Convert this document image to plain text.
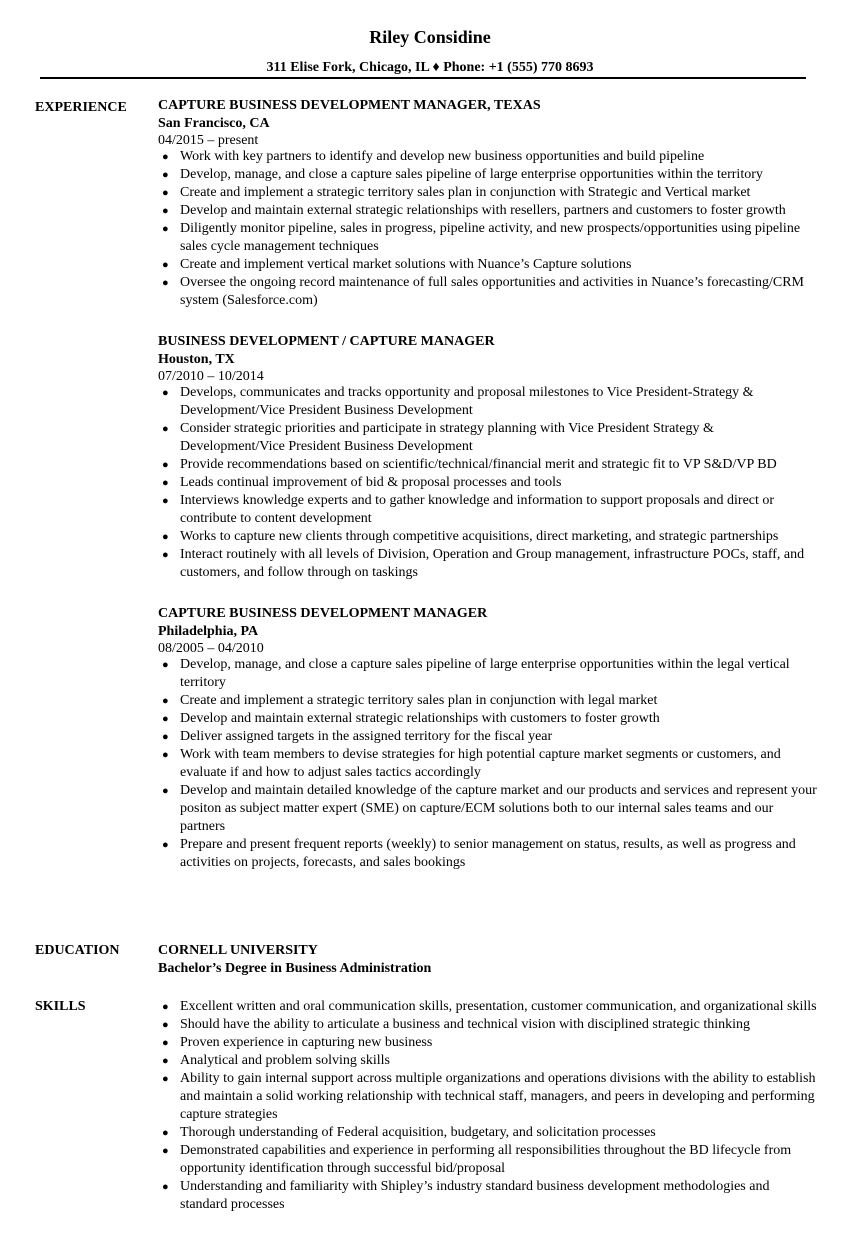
Riley Considine
311 Elise Fork, Chicago, IL ♦ Phone: +1 (555) 770 8693
EXPERIENCE CAPTURE BUSINESS DEVELOPMENT MANAGER, TEXAS
San Francisco, CA
04/2015 – present
● Work with key partners to identify and develop new business opportunities and build pipeline
● Develop, manage, and close a capture sales pipeline of large enterprise opportunities within the territory
● Create and implement a strategic territory sales plan in conjunction with Strategic and Vertical market
● Develop and maintain external strategic relationships with resellers, partners and customers to foster growth
● Diligently monitor pipeline, sales in progress, pipeline activity, and new prospects/opportunities using pipeline sales cycle management techniques
● Create and implement vertical market solutions with Nuance’s Capture solutions
● Oversee the ongoing record maintenance of full sales opportunities and activities in Nuance’s forecasting/CRM system (Salesforce.com)
BUSINESS DEVELOPMENT / CAPTURE MANAGER
Houston, TX
07/2010 – 10/2014
● Develops, communicates and tracks opportunity and proposal milestones to Vice President-Strategy & Development/Vice President Business Development
● Consider strategic priorities and participate in strategy planning with Vice President Strategy & Development/Vice President Business Development
● Provide recommendations based on scientific/technical/financial merit and strategic fit to VP S&D/VP BD
● Leads continual improvement of bid & proposal processes and tools
● Interviews knowledge experts and to gather knowledge and information to support proposals and direct or contribute to content development
● Works to capture new clients through competitive acquisitions, direct marketing, and strategic partnerships
● Interact routinely with all levels of Division, Operation and Group management, infrastructure POCs, staff, and customers, and follow through on taskings
CAPTURE BUSINESS DEVELOPMENT MANAGER
Philadelphia, PA
08/2005 – 04/2010
● Develop, manage, and close a capture sales pipeline of large enterprise opportunities within the legal vertical territory
● Create and implement a strategic territory sales plan in conjunction with legal market
● Develop and maintain external strategic relationships with customers to foster growth
● Deliver assigned targets in the assigned territory for the fiscal year
● Work with team members to devise strategies for high potential capture market segments or customers, and evaluate if and how to adjust sales tactics accordingly
● Develop and maintain detailed knowledge of the capture market and our products and services and represent your positon as subject matter expert (SME) on capture/ECM solutions both to our internal sales teams and our partners
● Prepare and present frequent reports (weekly) to senior management on status, results, as well as progress and activities on projects, forecasts, and sales bookings
EDUCATION	CORNELL UNIVERSITY
Bachelor’s Degree in Business Administration
SKILLS	● Excellent written and oral communication skills, presentation, customer communication, and organizational skills
● Should have the ability to articulate a business and technical vision with disciplined strategic thinking
● Proven experience in capturing new business
● Analytical and problem solving skills
● Ability to gain internal support across multiple organizations and operations divisions with the ability to establish and maintain a solid working relationship with technical staff, managers, and peers in developing and performing capture strategies
● Thorough understanding of Federal acquisition, budgetary, and solicitation processes
● Demonstrated capabilities and experience in performing all responsibilities throughout the BD lifecycle from opportunity identification through successful bid/proposal
● Understanding and familiarity with Shipley’s industry standard business development methodologies and standard processes
